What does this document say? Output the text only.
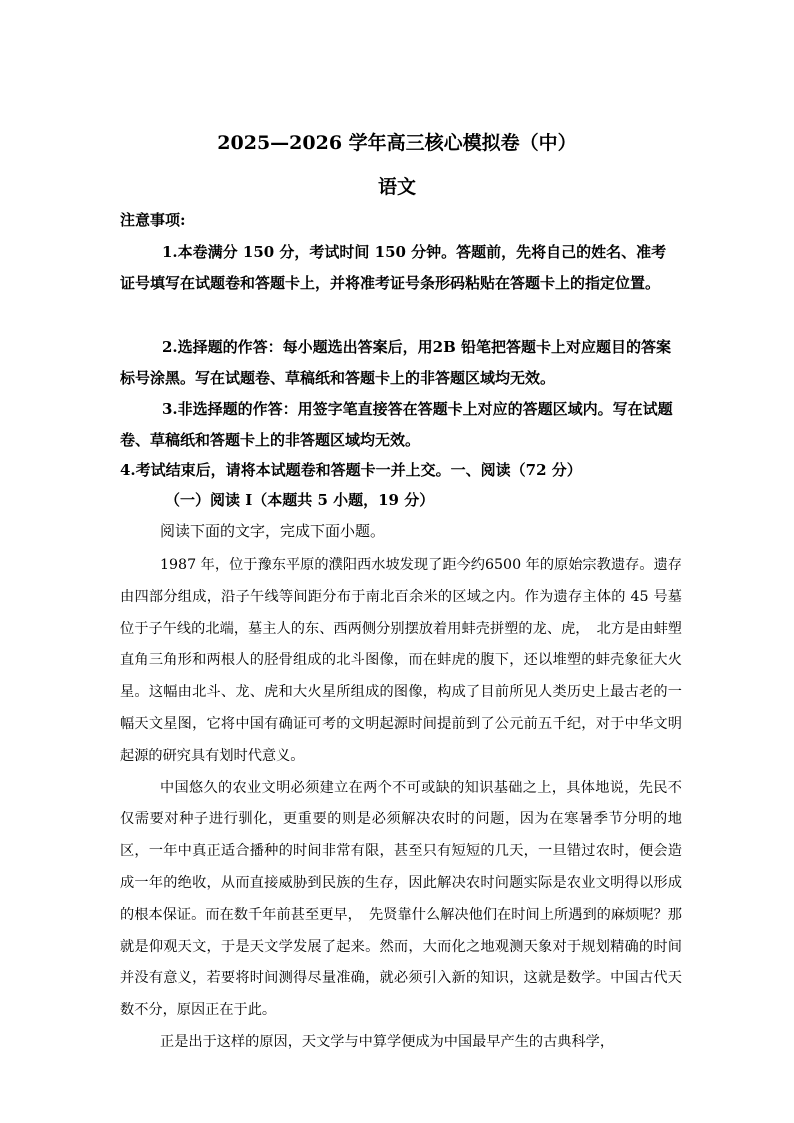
2025—2026 学年高三核心模拟卷（中）
语文
注意事项:
1.本卷满分 150 分，考试时间 150 分钟。答题前，先将自己的姓名、准考证号填写在试题卷和答题卡上，并将准考证号条形码粘贴在答题卡上的指定位置。
2.选择题的作答：每小题选出答案后，用2B 铅笔把答题卡上对应题目的答案标号涂黑。写在试题卷、草稿纸和答题卡上的非答题区域均无效。
3.非选择题的作答：用签字笔直接答在答题卡上对应的答题区域内。写在试题卷、草稿纸和答题卡上的非答题区域均无效。
4.考试结束后，请将本试题卷和答题卡一并上交。一、阅读（72 分）
（一）阅读 I（本题共 5 小题，19 分）
阅读下面的文字，完成下面小题。

1987 年，位于豫东平原的濮阳西水坡发现了距今约6500 年的原始宗教遗存。遗存由四部分组成，沿子午线等间距分布于南北百余米的区域之内。作为遗存主体的 45 号墓位于子午线的北端，墓主人的东、西两侧分别摆放着用蚌壳拼塑的龙、虎，　北方是由蚌塑直角三角形和两根人的胫骨组成的北斗图像，而在蚌虎的腹下，还以堆塑的蚌壳象征大火星。这幅由北斗、龙、虎和大火星所组成的图像，构成了目前所见人类历史上最古老的一幅天文星图，它将中国有确证可考的文明起源时间提前到了公元前五千纪，对于中华文明起源的研究具有划时代意义。

中国悠久的农业文明必须建立在两个不可或缺的知识基础之上，具体地说，先民不仅需要对种子进行驯化，更重要的则是必须解决农时的问题，因为在寒暑季节分明的地区，一年中真正适合播种的时间非常有限，甚至只有短短的几天，一旦错过农时，便会造成一年的绝收，从而直接威胁到民族的生存，因此解决农时问题实际是农业文明得以形成的根本保证。而在数千年前甚至更早，　先贤靠什么解决他们在时间上所遇到的麻烦呢？那就是仰观天文，于是天文学发展了起来。然而，大而化之地观测天象对于规划精确的时间并没有意义，若要将时间测得尽量准确，就必须引入新的知识，这就是数学。中国古代天数不分，原因正在于此。

正是出于这样的原因，天文学与中算学便成为中国最早产生的古典科学，
